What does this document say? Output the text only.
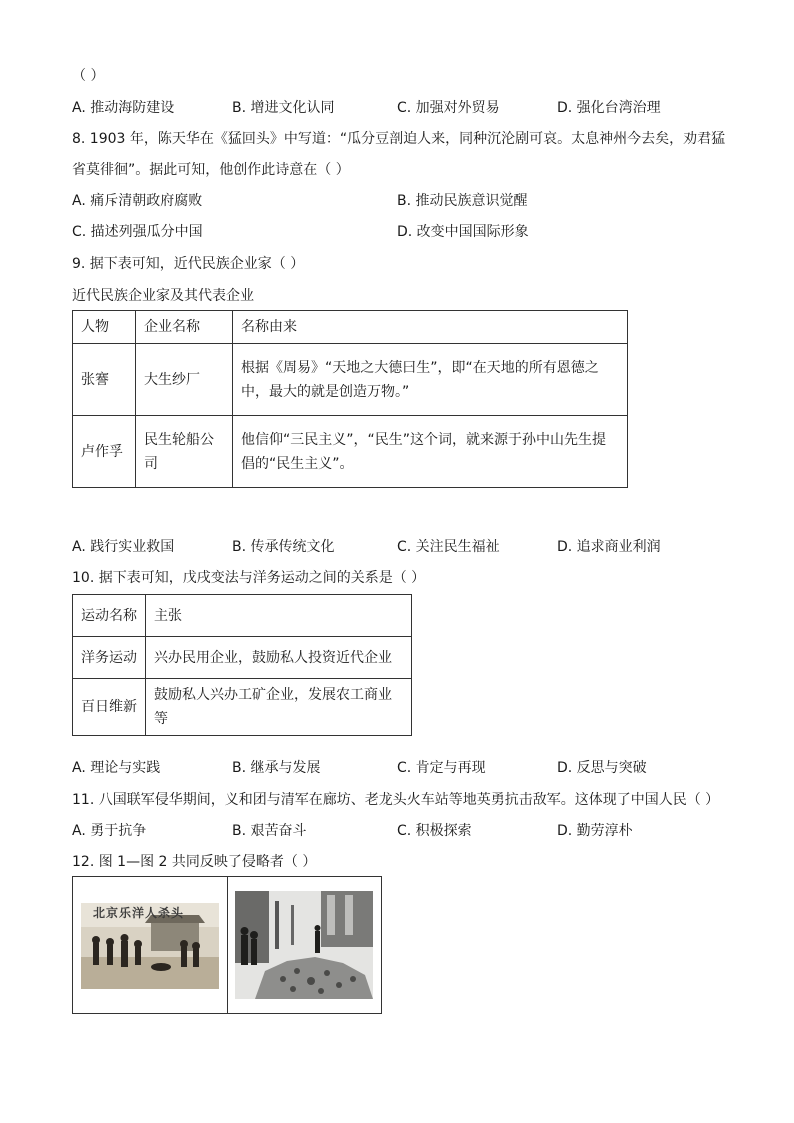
（ ）
A. 推动海防建设	B. 增进文化认同	C. 加强对外贸易	D. 强化台湾治理
8. 1903 年，陈天华在《猛回头》中写道：“瓜分豆剖迫人来，同种沉沦剧可哀。太息神州今去矣，劝君猛
省莫徘徊”。据此可知，他创作此诗意在（ ）
A. 痛斥清朝政府腐败	B. 推动民族意识觉醒
C. 描述列强瓜分中国	D. 改变中国国际形象
9. 据下表可知，近代民族企业家（ ）
近代民族企业家及其代表企业
人物	企业名称	名称由来
张謇	大生纱厂	根据《周易》“天地之大德曰生”，即“在天地的所有恩德之中，最大的就是创造万物。”
卢作孚	民生轮船公司	他信仰“三民主义”，“民生”这个词，就来源于孙中山先生提倡的“民生主义”。
A. 践行实业救国	B. 传承传统文化	C. 关注民生福祉	D. 追求商业利润
10. 据下表可知，戊戌变法与洋务运动之间的关系是（ ）
运动名称	主张
洋务运动	兴办民用企业，鼓励私人投资近代企业
百日维新	鼓励私人兴办工矿企业，发展农工商业等
A. 理论与实践	B. 继承与发展	C. 肯定与再现	D. 反思与突破
11. 八国联军侵华期间，义和团与清军在廊坊、老龙头火车站等地英勇抗击敌军。这体现了中国人民（ ）
A. 勇于抗争	B. 艰苦奋斗	C. 积极探索	D. 勤劳淳朴
12. 图 1—图 2 共同反映了侵略者（ ）
北京乐洋人杀头
